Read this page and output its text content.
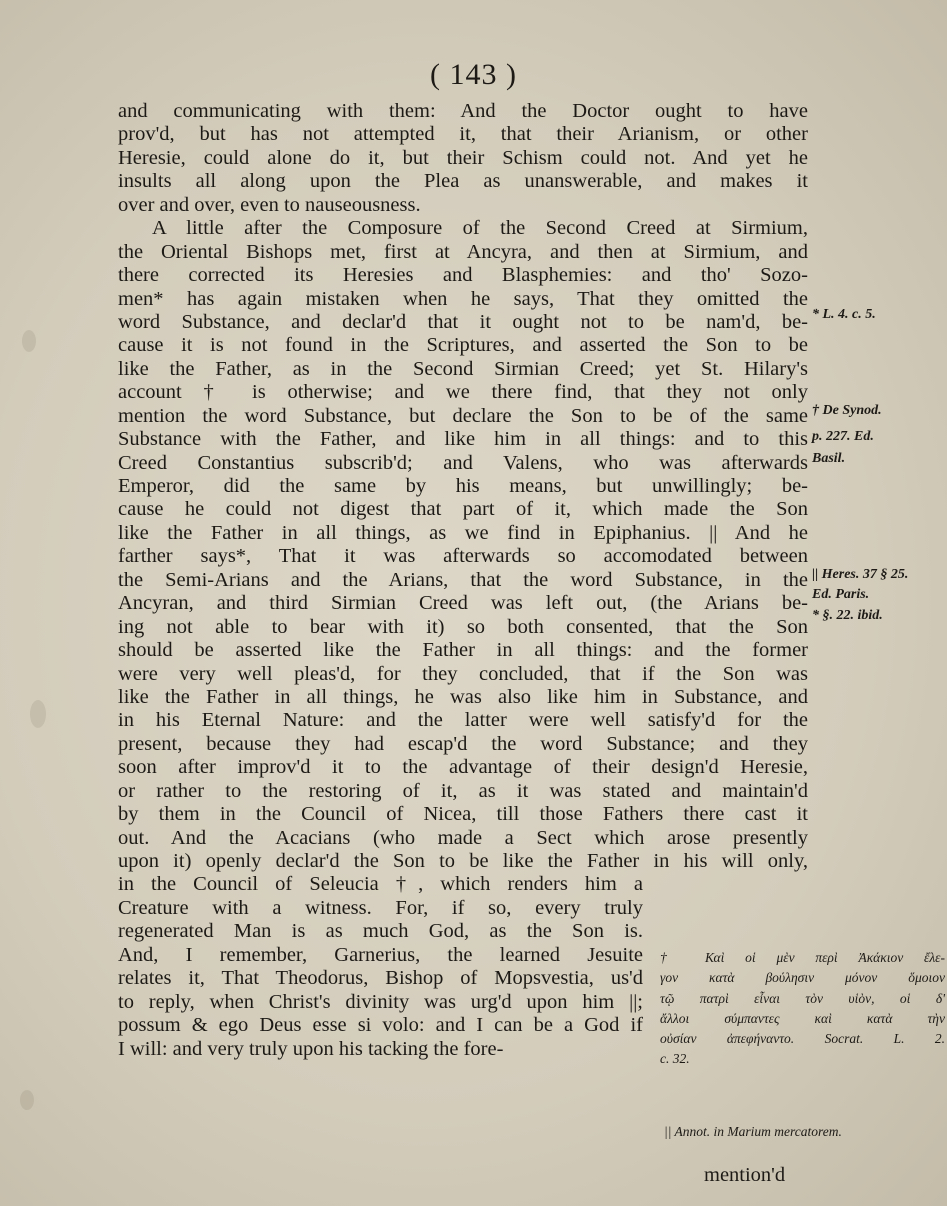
( 143 )
and communicating with them: And the Doctor ought to have
prov'd, but has not attempted it, that their Arianism, or other
Heresie, could alone do it, but their Schism could not. And yet he
insults all along upon the Plea as unanswerable, and makes it
over and over, even to nauseousness.
A little after the Composure of the Second Creed at Sirmium,
the Oriental Bishops met, first at Ancyra, and then at Sirmium, and
there corrected its Heresies and Blasphemies: and tho' Sozo-
men* has again mistaken when he says, That they omitted the
word Substance, and declar'd that it ought not to be nam'd, be-
cause it is not found in the Scriptures, and asserted the Son to be
like the Father, as in the Second Sirmian Creed; yet St. Hilary's
account † is otherwise; and we there find, that they not only
mention the word Substance, but declare the Son to be of the same
Substance with the Father, and like him in all things: and to this
Creed Constantius subscrib'd; and Valens, who was afterwards
Emperor, did the same by his means, but unwillingly; be-
cause he could not digest that part of it, which made the Son
like the Father in all things, as we find in Epiphanius. || And he
farther says*, That it was afterwards so accomodated between
the Semi-Arians and the Arians, that the word Substance, in the
Ancyran, and third Sirmian Creed was left out, (the Arians be-
ing not able to bear with it) so both consented, that the Son
should be asserted like the Father in all things: and the former
were very well pleas'd, for they concluded, that if the Son was
like the Father in all things, he was also like him in Substance, and
in his Eternal Nature: and the latter were well satisfy'd for the
present, because they had escap'd the word Substance; and they
soon after improv'd it to the advantage of their design'd Heresie,
or rather to the restoring of it, as it was stated and maintain'd
by them in the Council of Nicea, till those Fathers there cast it
out. And the Acacians (who made a Sect which arose presently
upon it) openly declar'd the Son to be like the Father in his will only,
in the Council of Seleucia †, which renders him a
Creature with a witness. For, if so, every truly
regenerated Man is as much God, as the Son is.
And, I remember, Garnerius, the learned Jesuite
relates it, That Theodorus, Bishop of Mopsvestia, us'd
to reply, when Christ's divinity was urg'd upon him ||;
possum & ego Deus esse si volo: and I can be a God if
I will: and very truly upon his tacking the fore-
* L. 4. c. 5.
† De Synod.
p. 227. Ed.
Basil.
|| Heres. 37 § 25.
Ed. Paris.
* §. 22. ibid.
† Καὶ οἱ μὲν περὶ Ἀκάκιον ἔλε-
γον κατὰ βούλησιν μόνον ὅμοιον
τῷ πατρὶ εἶναι τὸν υἱὸν, οἱ δ'
ἄλλοι σύμπαντες καὶ κατὰ τὴν
οὐσίαν ἀπεφήναντο. Socrat. L. 2.
c. 32.
|| Annot. in Marium mercatorem.
mention'd
